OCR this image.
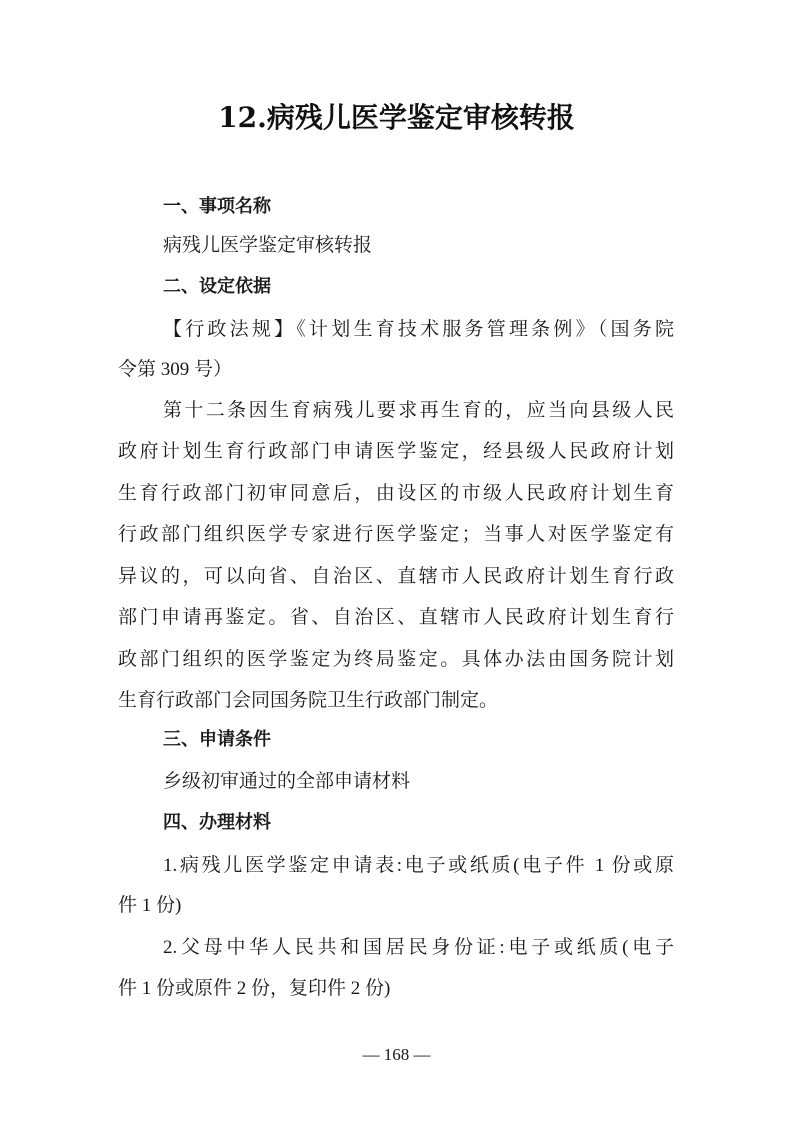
12.病残儿医学鉴定审核转报
一、事项名称
病残儿医学鉴定审核转报
二、设定依据
【行政法规】《计划生育技术服务管理条例》（国务院
令第 309 号）
第十二条因生育病残儿要求再生育的，应当向县级人民
政府计划生育行政部门申请医学鉴定，经县级人民政府计划
生育行政部门初审同意后，由设区的市级人民政府计划生育
行政部门组织医学专家进行医学鉴定；当事人对医学鉴定有
异议的，可以向省、自治区、直辖市人民政府计划生育行政
部门申请再鉴定。省、自治区、直辖市人民政府计划生育行
政部门组织的医学鉴定为终局鉴定。具体办法由国务院计划
生育行政部门会同国务院卫生行政部门制定。
三、申请条件
乡级初审通过的全部申请材料
四、办理材料
1.病残儿医学鉴定申请表:电子或纸质(电子件 1 份或原
件 1 份)
2.父母中华人民共和国居民身份证:电子或纸质(电子
件 1 份或原件 2 份，复印件 2 份)
— 168 —
